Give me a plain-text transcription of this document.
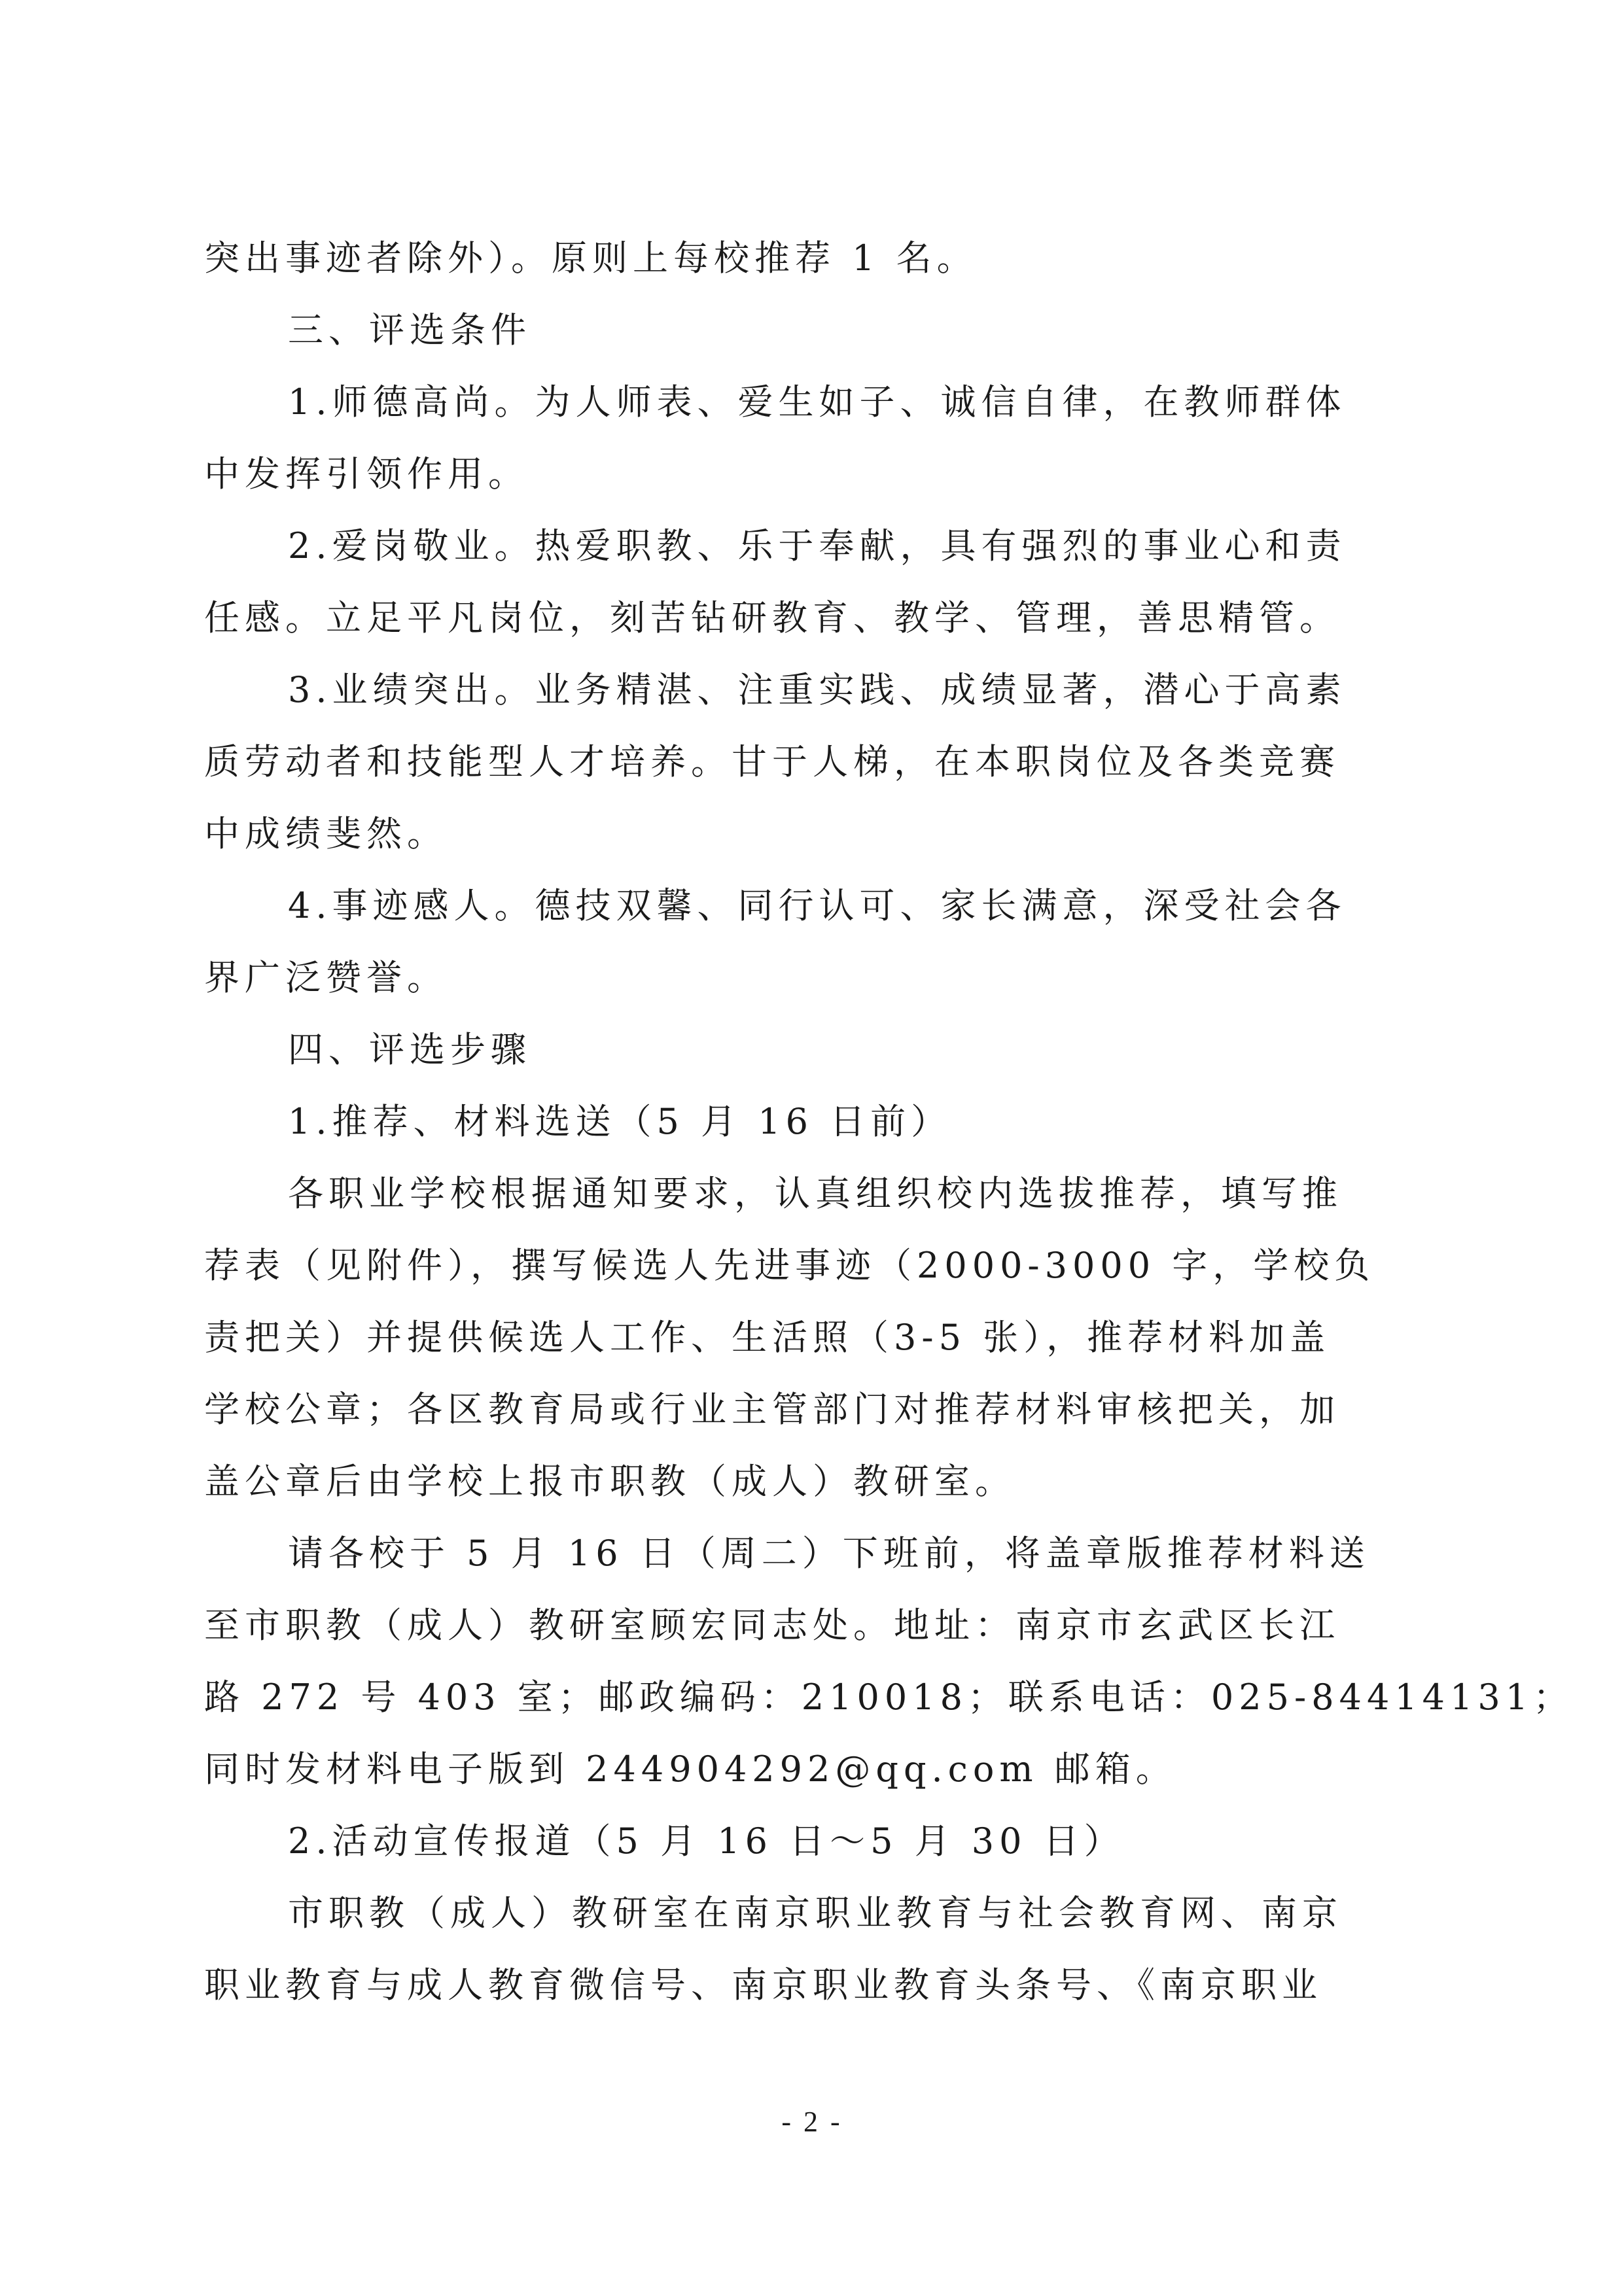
突出事迹者除外）。原则上每校推荐 1 名。
三、评选条件
1.师德高尚。为人师表、爱生如子、诚信自律，在教师群体
中发挥引领作用。
2.爱岗敬业。热爱职教、乐于奉献，具有强烈的事业心和责
任感。立足平凡岗位，刻苦钻研教育、教学、管理，善思精管。
3.业绩突出。业务精湛、注重实践、成绩显著，潜心于高素
质劳动者和技能型人才培养。甘于人梯，在本职岗位及各类竞赛
中成绩斐然。
4.事迹感人。德技双馨、同行认可、家长满意，深受社会各
界广泛赞誉。
四、评选步骤
1.推荐、材料选送（5 月 16 日前）
各职业学校根据通知要求，认真组织校内选拔推荐，填写推
荐表（见附件），撰写候选人先进事迹（2000-3000 字，学校负
责把关）并提供候选人工作、生活照（3-5 张），推荐材料加盖
学校公章；各区教育局或行业主管部门对推荐材料审核把关，加
盖公章后由学校上报市职教（成人）教研室。
请各校于 5 月 16 日（周二）下班前，将盖章版推荐材料送
至市职教（成人）教研室顾宏同志处。地址：南京市玄武区长江
路 272 号 403 室；邮政编码：210018；联系电话：025-84414131；
同时发材料电子版到 244904292@qq.com 邮箱。
2.活动宣传报道（5 月 16 日～5 月 30 日）
市职教（成人）教研室在南京职业教育与社会教育网、南京
职业教育与成人教育微信号、南京职业教育头条号、《南京职业
- 2 -
